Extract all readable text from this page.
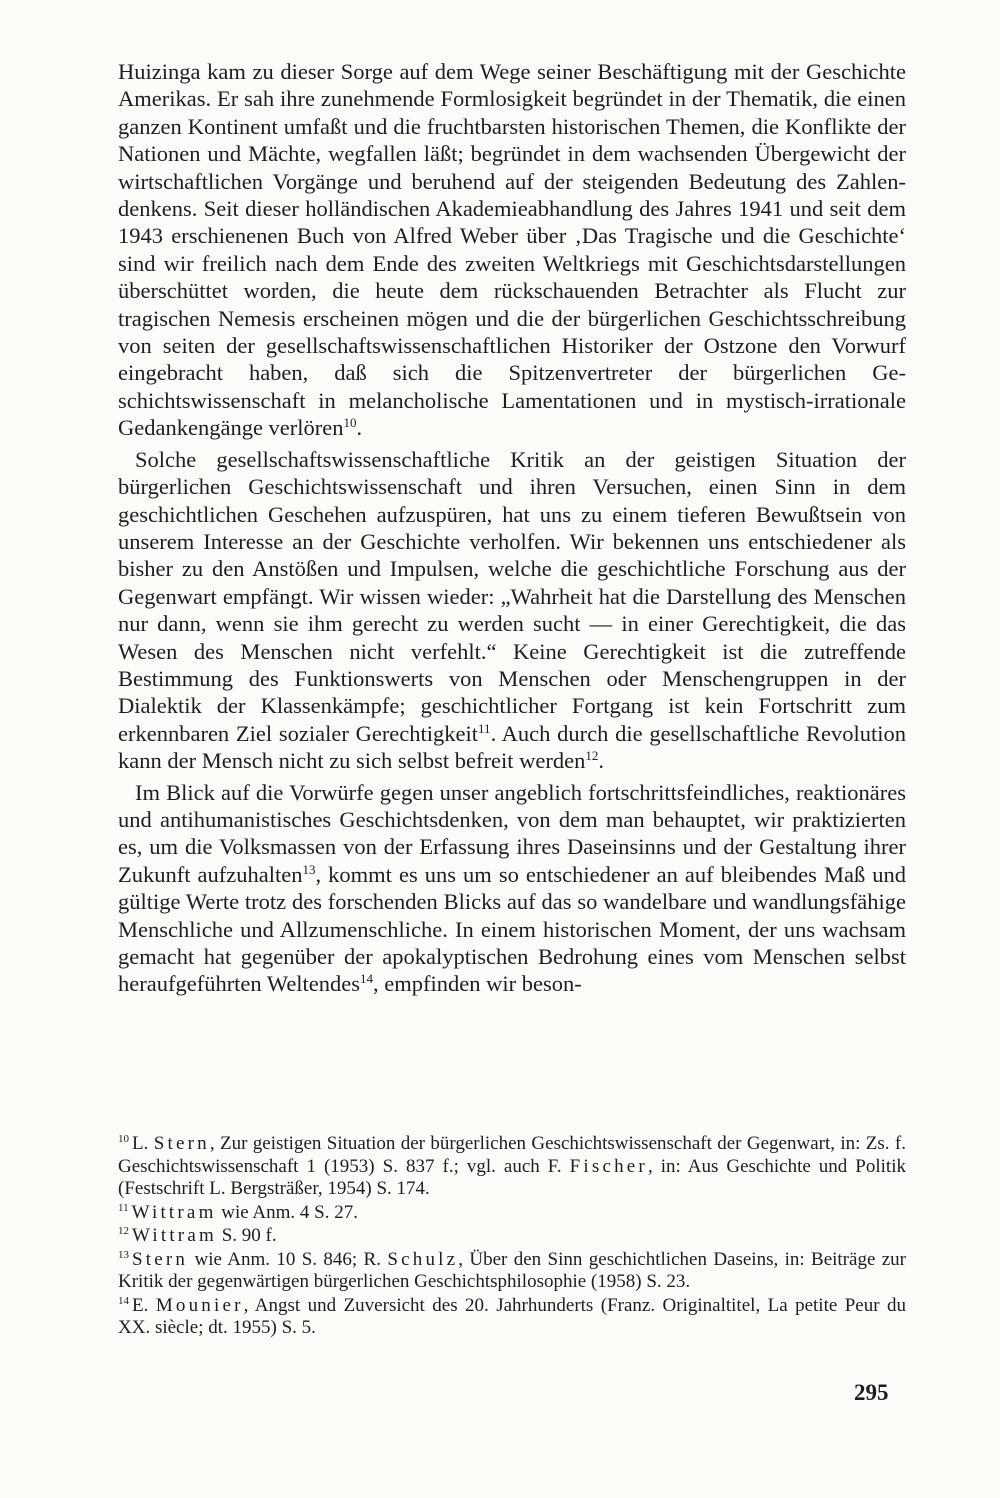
Huizinga kam zu dieser Sorge auf dem Wege seiner Beschäftigung mit der Geschichte Amerikas. Er sah ihre zunehmende Formlosigkeit begründet in der Thematik, die einen ganzen Kontinent umfaßt und die fruchtbarsten historischen Themen, die Konflikte der Nationen und Mächte, wegfallen läßt; begründet in dem wachsenden Übergewicht der wirtschaftlichen Vorgänge und beruhend auf der steigenden Bedeutung des Zahlendenkens. Seit dieser holländischen Akademieabhandlung des Jahres 1941 und seit dem 1943 erschienenen Buch von Alfred Weber über ‚Das Tragische und die Geschichte‘ sind wir freilich nach dem Ende des zweiten Weltkriegs mit Geschichtsdarstellungen überschüttet worden, die heute dem rückschauenden Betrachter als Flucht zur tragischen Nemesis erscheinen mögen und die der bürgerlichen Geschichtsschreibung von seiten der gesellschaftswissenschaftlichen Historiker der Ostzone den Vorwurf eingebracht haben, daß sich die Spitzenvertreter der bürgerlichen Geschichtswissenschaft in melancholische Lamentationen und in mystisch-irrationale Gedankengänge verlören$^{10}$.

Solche gesellschaftswissenschaftliche Kritik an der geistigen Situation der bürgerlichen Geschichtswissenschaft und ihren Versuchen, einen Sinn in dem geschichtlichen Geschehen aufzuspüren, hat uns zu einem tieferen Bewußtsein von unserem Interesse an der Geschichte verholfen. Wir bekennen uns entschiedener als bisher zu den Anstößen und Impulsen, welche die geschichtliche Forschung aus der Gegenwart empfängt. Wir wissen wieder: „Wahrheit hat die Darstellung des Menschen nur dann, wenn sie ihm gerecht zu werden sucht — in einer Gerechtigkeit, die das Wesen des Menschen nicht verfehlt.“ Keine Gerechtigkeit ist die zutreffende Bestimmung des Funktionswerts von Menschen oder Menschengruppen in der Dialektik der Klassenkämpfe; geschichtlicher Fortgang ist kein Fortschritt zum erkennbaren Ziel sozialer Gerechtigkeit$^{11}$. Auch durch die gesellschaftliche Revolution kann der Mensch nicht zu sich selbst befreit werden$^{12}$.

Im Blick auf die Vorwürfe gegen unser angeblich fortschrittsfeindliches, reaktionäres und antihumanistisches Geschichtsdenken, von dem man behauptet, wir praktizierten es, um die Volksmassen von der Erfassung ihres Daseinsinns und der Gestaltung ihrer Zukunft aufzuhalten$^{13}$, kommt es uns um so entschiedener an auf bleibendes Maß und gültige Werte trotz des forschenden Blicks auf das so wandelbare und wandlungsfähige Menschliche und Allzumenschliche. In einem historischen Moment, der uns wachsam gemacht hat gegenüber der apokalyptischen Bedrohung eines vom Menschen selbst heraufgeführten Weltendes$^{14}$, empfinden wir beson-

$^{10}$ L. Stern, Zur geistigen Situation der bürgerlichen Geschichtswissenschaft der Gegenwart, in: Zs. f. Geschichtswissenschaft 1 (1953) S. 837 f.; vgl. auch F. Fischer, in: Aus Geschichte und Politik (Festschrift L. Bergsträßer, 1954) S. 174.
$^{11}$ Wittram wie Anm. 4 S. 27.
$^{12}$ Wittram S. 90 f.
$^{13}$ Stern wie Anm. 10 S. 846; R. Schulz, Über den Sinn geschichtlichen Daseins, in: Beiträge zur Kritik der gegenwärtigen bürgerlichen Geschichtsphilosophie (1958) S. 23.
$^{14}$ E. Mounier, Angst und Zuversicht des 20. Jahrhunderts (Franz. Originaltitel, La petite Peur du XX. siècle; dt. 1955) S. 5.
295
